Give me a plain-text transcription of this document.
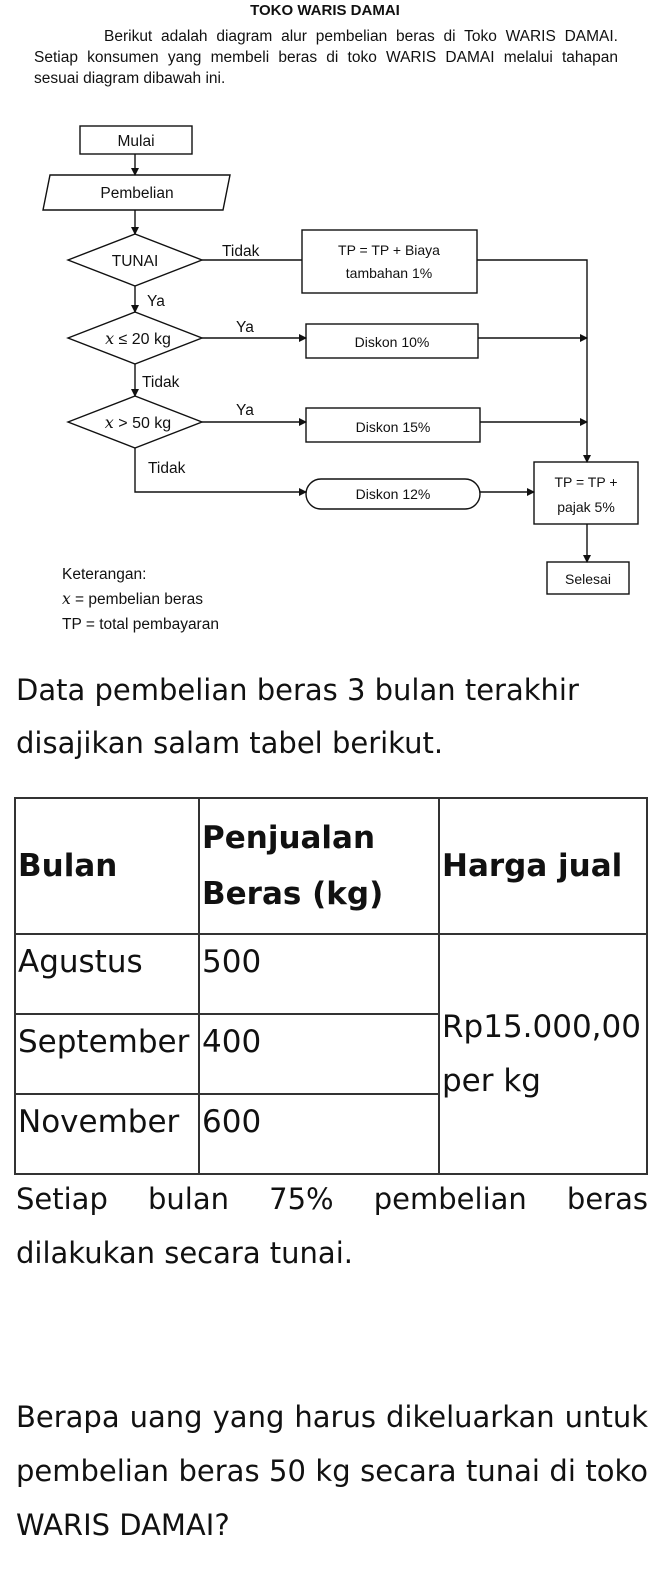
TOKO WARIS DAMAI
Berikut adalah diagram alur pembelian beras di Toko WARIS DAMAI. Setiap konsumen yang membeli beras di toko WARIS DAMAI melalui tahapan sesuai diagram dibawah ini.
Mulai
Pembelian
TUNAI
TP = TP + Biaya
tambahan 1%
x ≤ 20 kg	Diskon 10%
x > 50 kg	Diskon 15%
Diskon 12%
TP = TP +
pajak 5%
Selesai
Tidak
Ya
Ya
Tidak
Ya
Tidak
Keterangan:
x = pembelian beras
TP = total pembayaran
Data pembelian beras 3 bulan terakhir disajikan salam tabel berikut.
Bulan	Penjualan Beras (kg)	Harga jual
Agustus	500	Rp15.000,00 per kg
September	400	
November	600	
Setiap bulan 75% pembelian beras dilakukan secara tunai.
Berapa uang yang harus dikeluarkan untuk pembelian beras 50 kg secara tunai di toko WARIS DAMAI?
